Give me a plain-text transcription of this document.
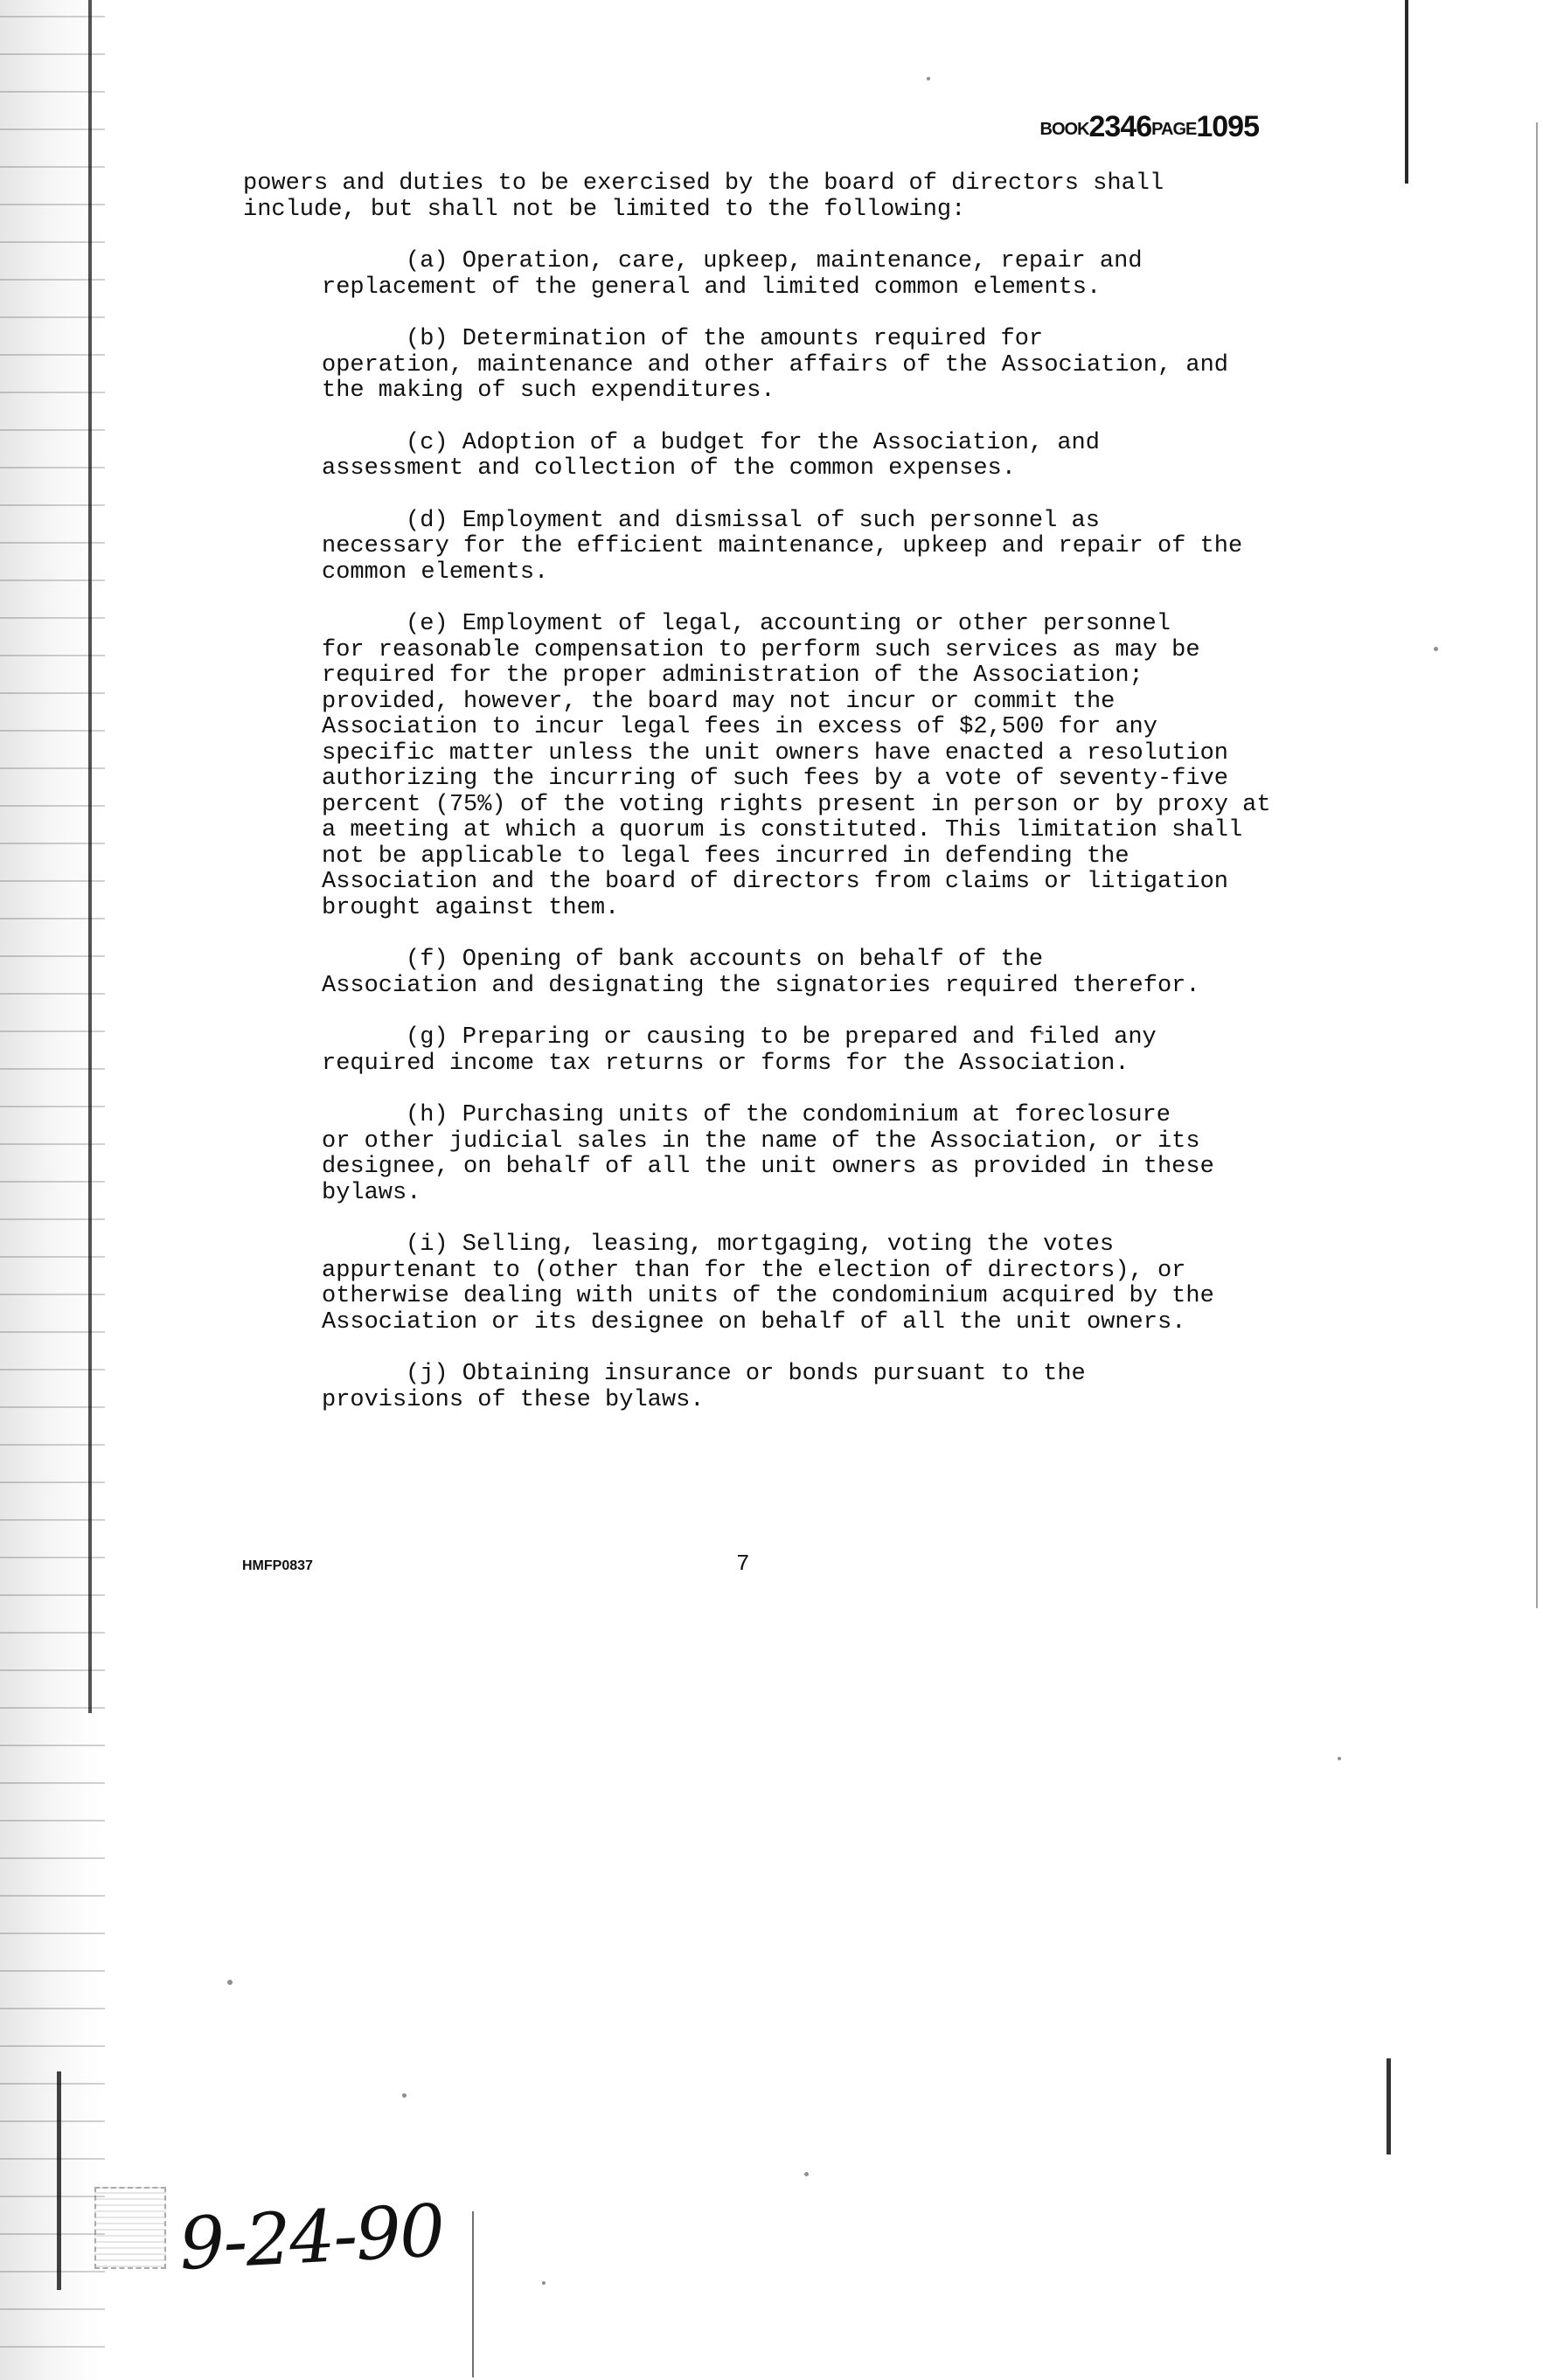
BOOK2346PAGE1095

powers and duties to be exercised by the board of directors shall include, but shall not be limited to the following:

(a) Operation, care, upkeep, maintenance, repair and
replacement of the general and limited common elements.
(b) Determination of the amounts required for
operation, maintenance and other affairs of the Association, and the making of such expenditures.
(c) Adoption of a budget for the Association, and
assessment and collection of the common expenses.
(d) Employment and dismissal of such personnel as
necessary for the efficient maintenance, upkeep and repair of the common elements.
(e) Employment of legal, accounting or other personnel
for reasonable compensation to perform such services as may be required for the proper administration of the Association; provided, however, the board may not incur or commit the Association to incur legal fees in excess of $2,500 for any specific matter unless the unit owners have enacted a resolution authorizing the incurring of such fees by a vote of seventy-five percent (75%) of the voting rights present in person or by proxy at a meeting at which a quorum is constituted. This limitation shall not be applicable to legal fees incurred in defending the Association and the board of directors from claims or litigation brought against them.
(f) Opening of bank accounts on behalf of the
Association and designating the signatories required therefor.
(g) Preparing or causing to be prepared and filed any
required income tax returns or forms for the Association.
(h) Purchasing units of the condominium at foreclosure
or other judicial sales in the name of the Association, or its designee, on behalf of all the unit owners as provided in these bylaws.
(i) Selling, leasing, mortgaging, voting the votes
appurtenant to (other than for the election of directors), or otherwise dealing with units of the condominium acquired by the Association or its designee on behalf of all the unit owners.
(j) Obtaining insurance or bonds pursuant to the
provisions of these bylaws.
HMFP0837	7
9-24-90
